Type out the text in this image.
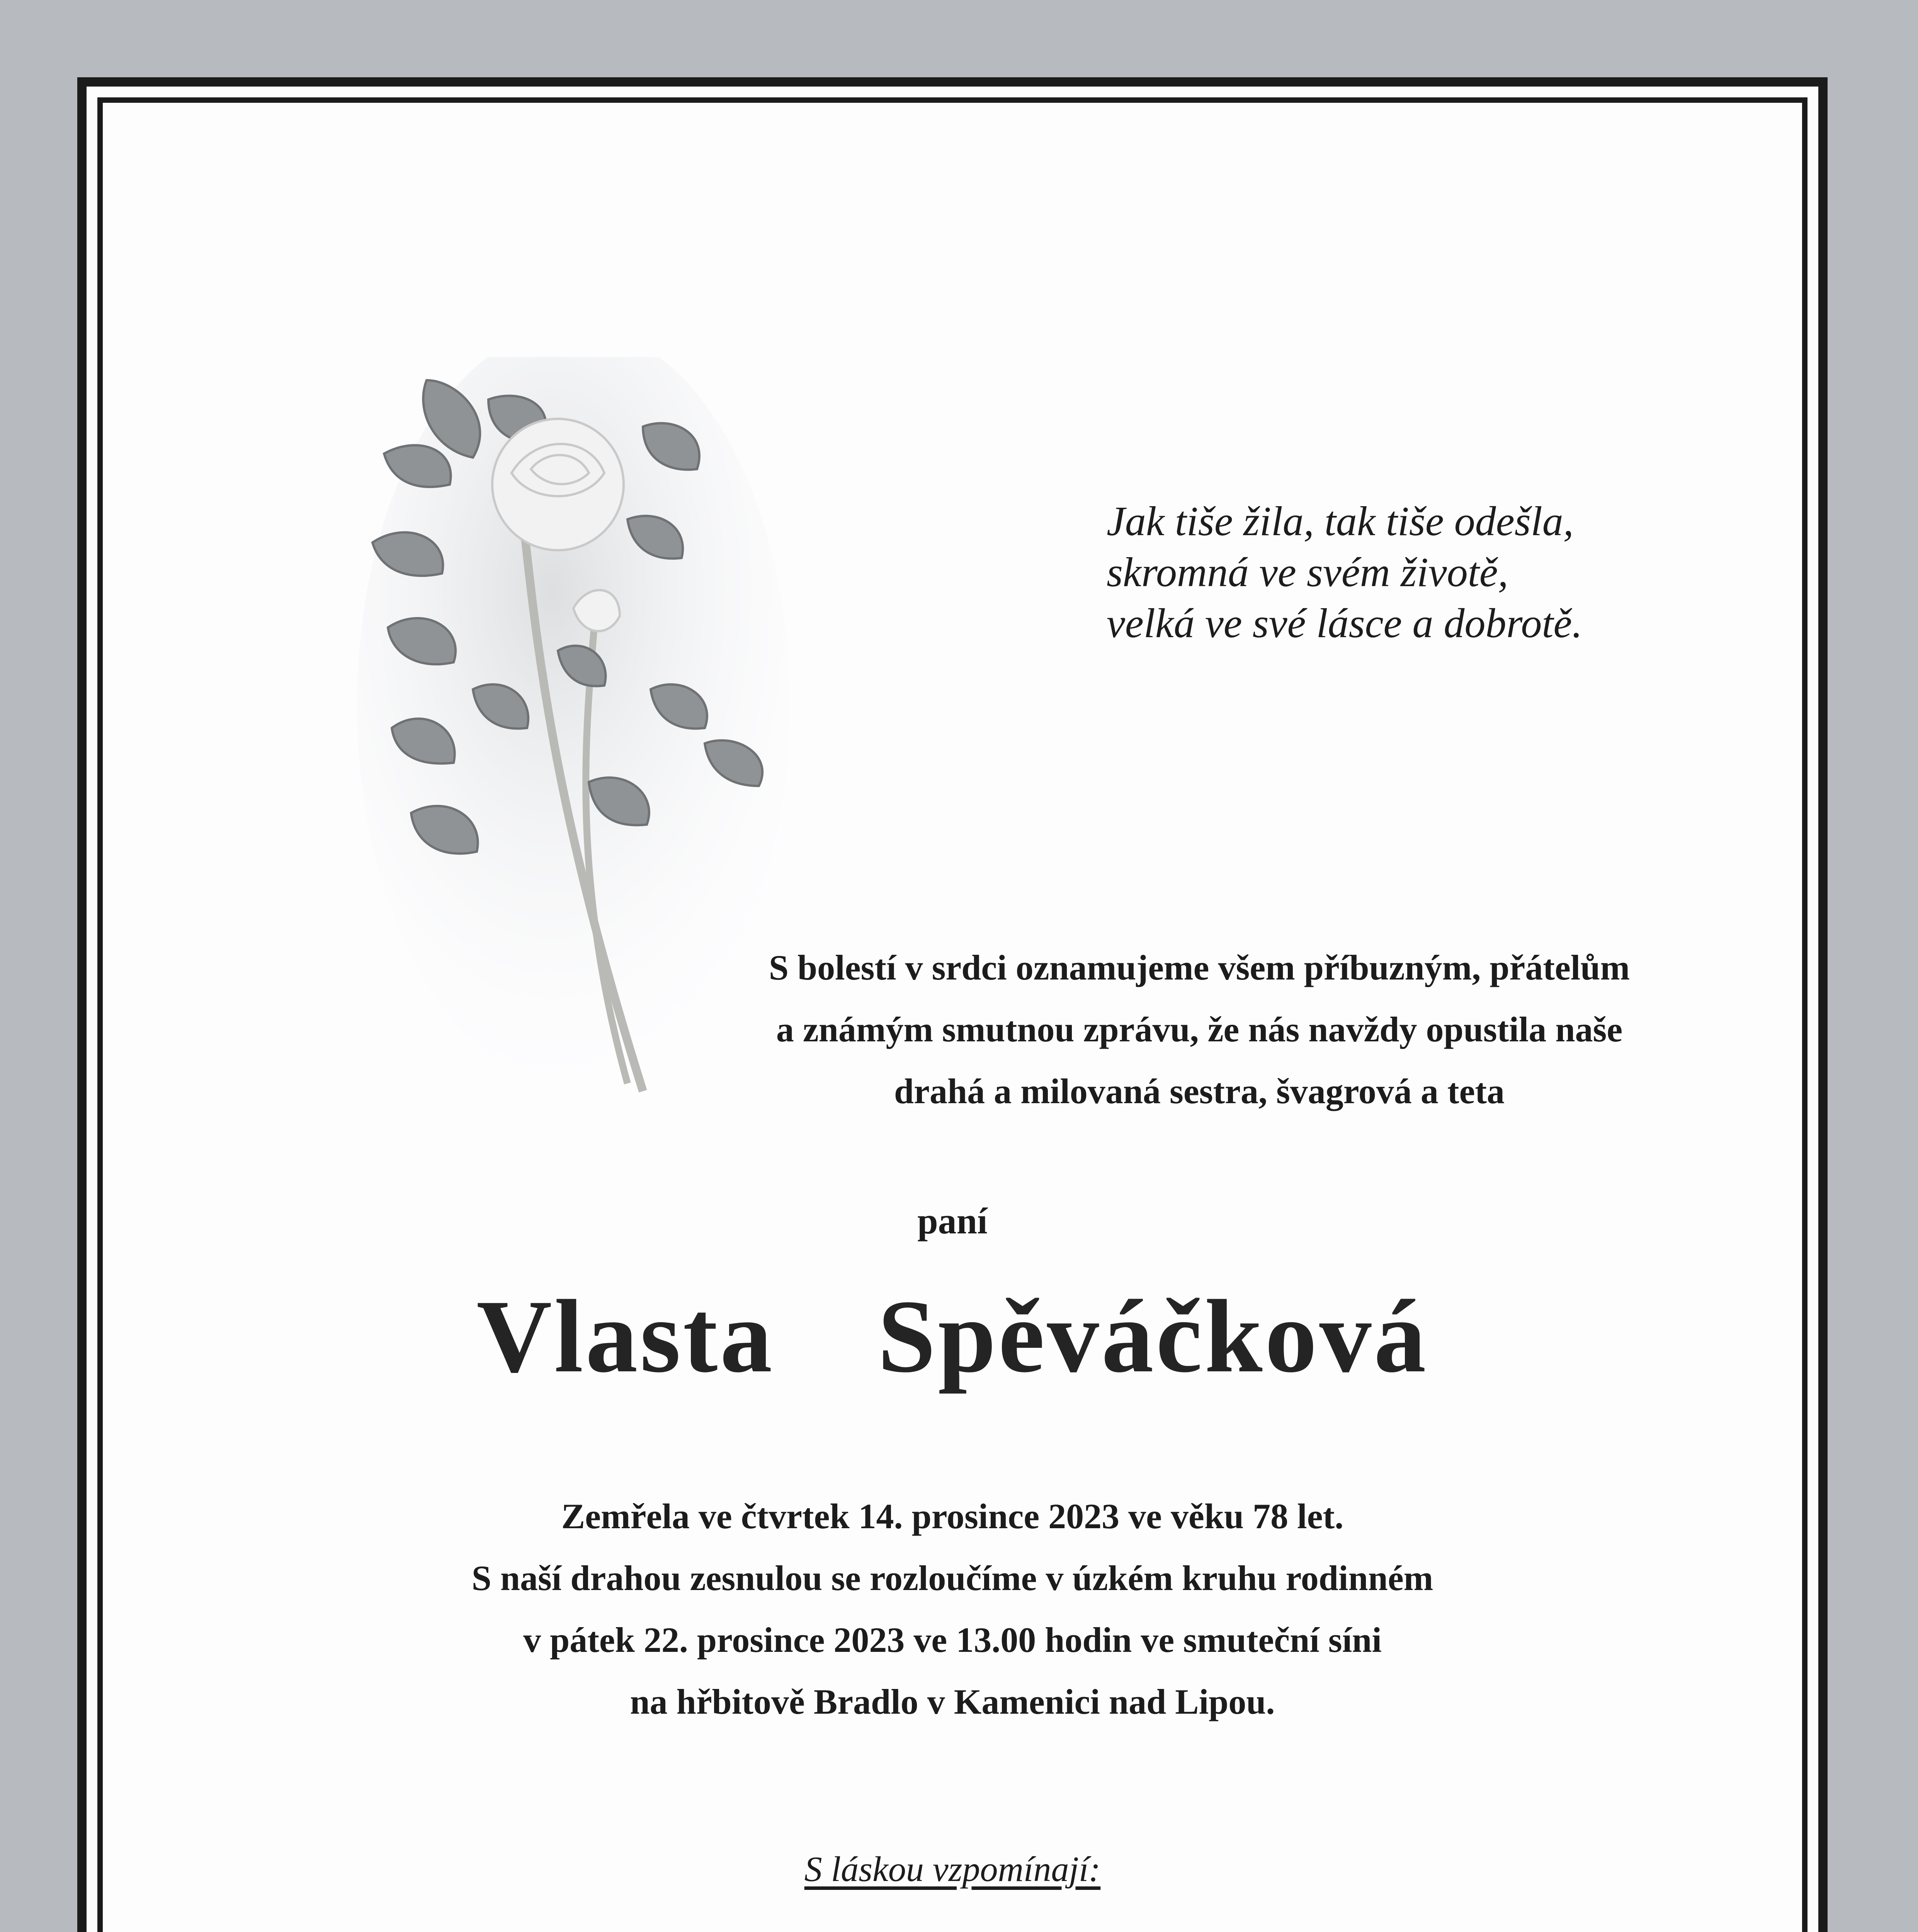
Jak tiše žila, tak tiše odešla,
skromná ve svém životě,
velká ve své lásce a dobrotě.
S bolestí v srdci oznamujeme všem příbuzným, přátelům
a známým smutnou zprávu, že nás navždy opustila naše
drahá a milovaná sestra, švagrová a teta
paní
Vlasta  Spěváčková
Zemřela ve čtvrtek 14. prosince 2023 ve věku 78 let.
S naší drahou zesnulou se rozloučíme v úzkém kruhu rodinném
v pátek 22. prosince 2023 ve 13.00 hodin ve smuteční síni
na hřbitově Bradlo v Kamenici nad Lipou.
S láskou vzpomínají:
